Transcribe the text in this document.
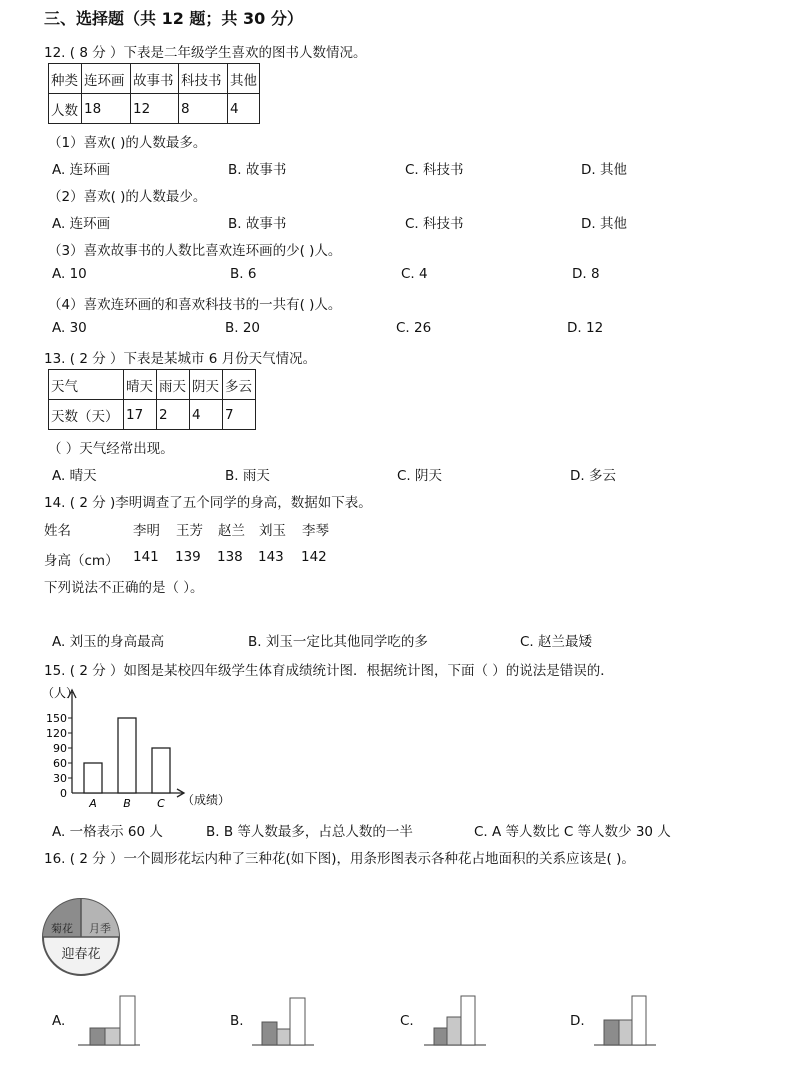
三、选择题（共 12 题；共 30 分）
12. ( 8 分 ）下表是二年级学生喜欢的图书人数情况。
种类	连环画	故事书	科技书	其他
人数	18	12	8	4
（1）喜欢( )的人数最多。
A. 连环画	B. 故事书	C. 科技书	D. 其他
（2）喜欢( )的人数最少。
A. 连环画	B. 故事书	C. 科技书	D. 其他
（3）喜欢故事书的人数比喜欢连环画的少( )人。
A. 10	B. 6	C. 4	D. 8
（4）喜欢连环画的和喜欢科技书的一共有( )人。
A. 30	B. 20	C. 26	D. 12
13. ( 2 分 ）下表是某城市 6 月份天气情况。
天气	晴天	雨天	阴天	多云
天数（天）	17	2	4	7
（ ）天气经常出现。
A. 晴天	B. 雨天	C. 阴天	D. 多云
14. ( 2 分 )李明调查了五个同学的身高，数据如下表。
姓名	李明 王芳 赵兰 刘玉 李琴
身高（cm） 141 139 138 143 142
下列说法不正确的是（ ）。
A. 刘玉的身高最高	B. 刘玉一定比其他同学吃的多	C. 赵兰最矮
15. ( 2 分 ）如图是某校四年级学生体育成绩统计图．根据统计图，下面（ ）的说法是错误的．
（人）
0
30
60
90
120
150
A B C （成绩）
A. 一格表示 60 人	B. B 等人数最多，占总人数的一半	C. A 等人数比 C 等人数少 30 人
16. ( 2 分 ）一个圆形花坛内种了三种花(如下图)，用条形图表示各种花占地面积的关系应该是( )。
菊花 月季
迎春花
A.	B.	C.	D.
